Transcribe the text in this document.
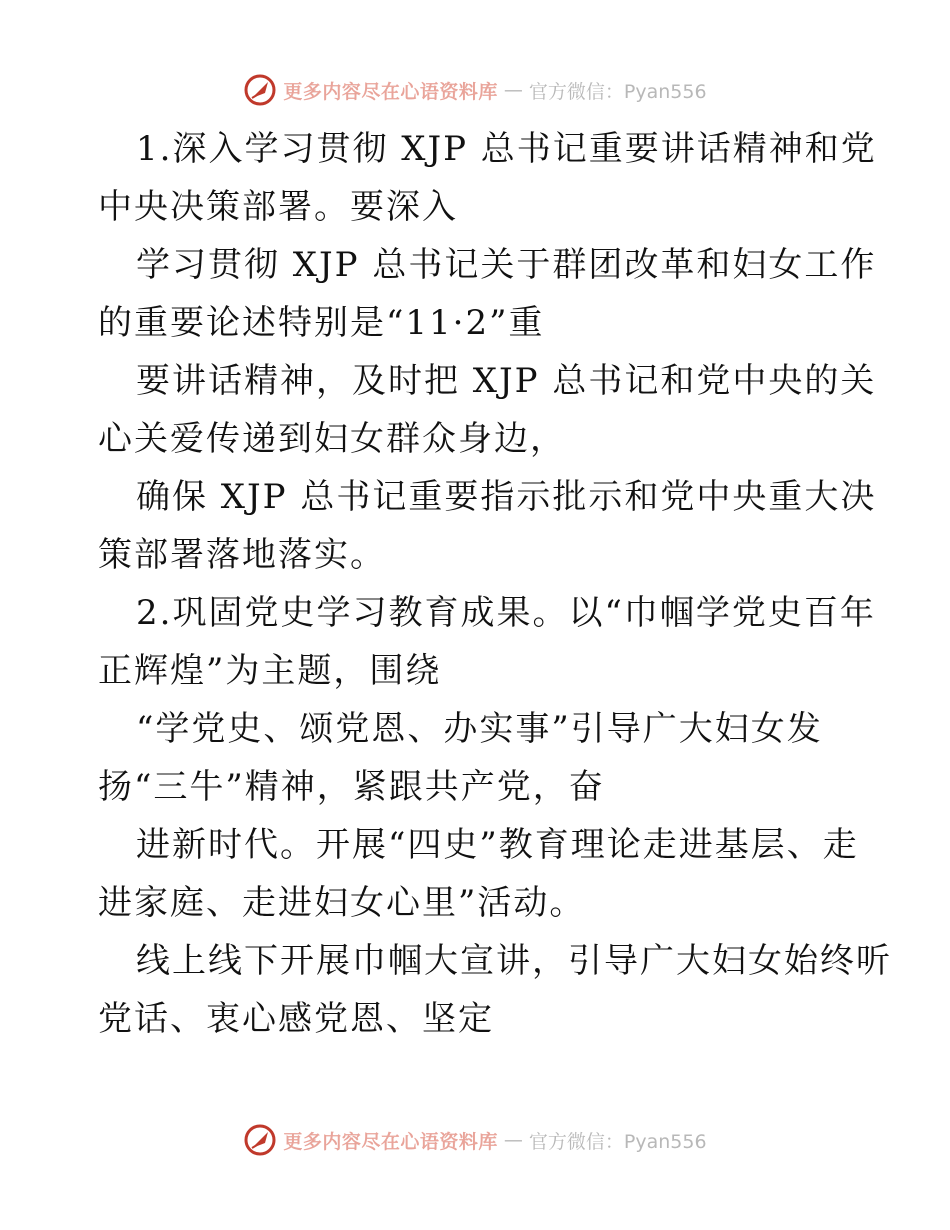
更多内容尽在心语资料库 — 官方微信：Pyan556
1.深入学习贯彻 XJP 总书记重要讲话精神和党
中央决策部署。要深入
学习贯彻 XJP 总书记关于群团改革和妇女工作
的重要论述特别是“11·2”重
要讲话精神，及时把 XJP 总书记和党中央的关
心关爱传递到妇女群众身边，
确保 XJP 总书记重要指示批示和党中央重大决
策部署落地落实。
2.巩固党史学习教育成果。以“巾帼学党史百年
正辉煌”为主题，围绕
“学党史、颂党恩、办实事”引导广大妇女发
扬“三牛”精神，紧跟共产党，奋
进新时代。开展“四史”教育理论走进基层、走
进家庭、走进妇女心里”活动。
线上线下开展巾帼大宣讲，引导广大妇女始终听
党话、衷心感党恩、坚定
更多内容尽在心语资料库 — 官方微信：Pyan556
